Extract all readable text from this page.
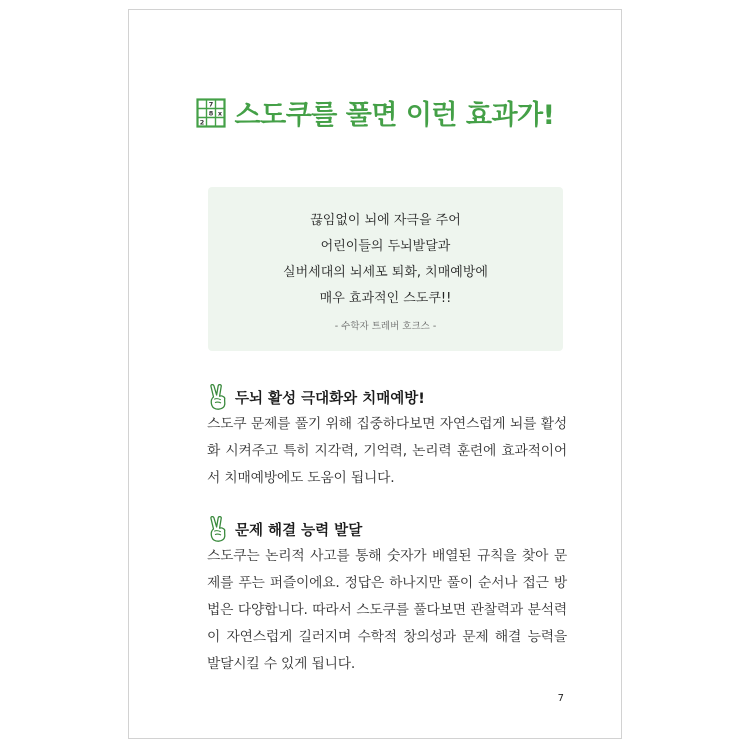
7
8 x
2 스도쿠를 풀면 이런 효과가!
끊임없이 뇌에 자극을 주어
어린이들의 두뇌발달과
실버세대의 뇌세포 퇴화, 치매예방에
매우 효과적인 스도쿠!!
- 수학자 트레버 호크스 -
두뇌 활성 극대화와 치매예방!
스도쿠 문제를 풀기 위해 집중하다보면 자연스럽게 뇌를 활성화 시켜주고 특히 지각력, 기억력, 논리력 훈련에 효과적이어서 치매예방에도 도움이 됩니다.
문제 해결 능력 발달
스도쿠는 논리적 사고를 통해 숫자가 배열된 규칙을 찾아 문제를 푸는 퍼즐이에요. 정답은 하나지만 풀이 순서나 접근 방법은 다양합니다. 따라서 스도쿠를 풀다보면 관찰력과 분석력이 자연스럽게 길러지며 수학적 창의성과 문제 해결 능력을 발달시킬 수 있게 됩니다.
7
